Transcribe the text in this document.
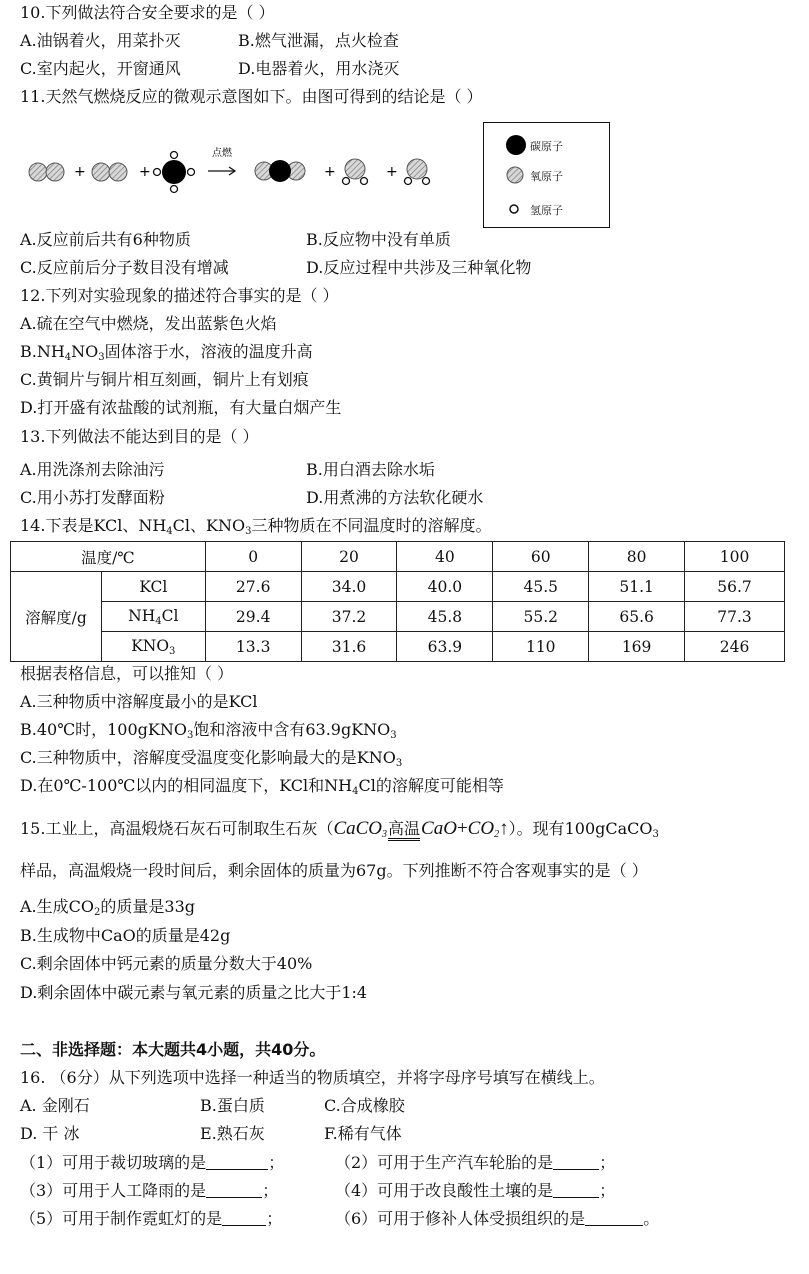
10.下列做法符合安全要求的是（ ）
A.油锅着火，用菜扑灭	B.燃气泄漏，点火检查
C.室内起火，开窗通风	D.电器着火，用水浇灭
11.天然气燃烧反应的微观示意图如下。由图可得到的结论是（ ）
+	+
点燃
+	+
碳原子
氧原子
氢原子
A.反应前后共有6种物质	B.反应物中没有单质
C.反应前后分子数目没有增减	D.反应过程中共涉及三种氧化物
12.下列对实验现象的描述符合事实的是（ ）
A.硫在空气中燃烧，发出蓝紫色火焰
$B.NH_4NO_3$固体溶于水，溶液的温度升高
C.黄铜片与铜片相互刻画，铜片上有划痕
D.打开盛有浓盐酸的试剂瓶，有大量白烟产生
13.下列做法不能达到目的是（ ）
A.用洗涤剂去除油污	B.用白酒去除水垢
C.用小苏打发酵面粉	D.用煮沸的方法软化硬水
14.下表是KCl、$NH_4Cl$、$KNO_3$三种物质在不同温度时的溶解度。
温度/℃		0	20	40	60	80	100
溶解度/g	KCl	27.6	34.0	40.0	45.5	51.1	56.7
	$NH_4Cl$	29.4	37.2	45.8	55.2	65.6	77.3
	$KNO_3$	13.3	31.6	63.9	110	169	246
根据表格信息，可以推知（ ）
A.三种物质中溶解度最小的是KCl
B.40℃时，100gKNO$_3$饱和溶液中含有63.9gKNO$_3$
C.三种物质中，溶解度受温度变化影响最大的是$KNO_3$
D.在0℃-100℃以内的相同温度下，KCl和$NH_4Cl$的溶解度可能相等
15.工业上，高温煅烧石灰石可制取生石灰（CaCO$_3$高温$CaO+CO_2↑$）。现有100gCaCO$_3$
样品，高温煅烧一段时间后，剩余固体的质量为67g。下列推断不符合客观事实的是（ ）
A.生成$CO_2$的质量是33g
B.生成物中CaO的质量是42g
C.剩余固体中钙元素的质量分数大于40%
D.剩余固体中碳元素与氧元素的质量之比大于1:4
二、非选择题：本大题共4小题，共40分。
16. （6分）从下列选项中选择一种适当的物质填空，并将字母序号填写在横线上。
A. 金刚石	B.蛋白质	C.合成橡胶
D. 干 冰	E.熟石灰	F.稀有气体
（1）可用于裁切玻璃的是	；	（2）可用于生产汽车轮胎的是	；
（3）可用于人工降雨的是	；	（4）可用于改良酸性土壤的是	；
（5）可用于制作霓虹灯的是	；	（6）可用于修补人体受损组织的是	。
